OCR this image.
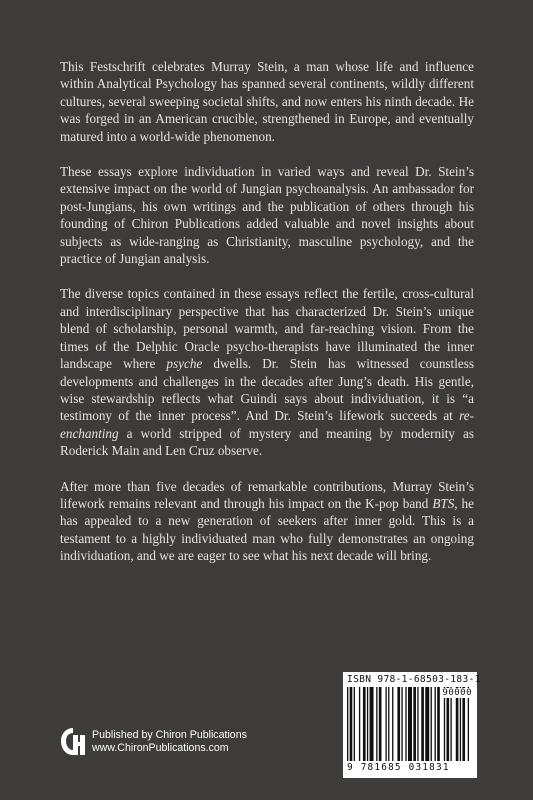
This Festschrift celebrates Murray Stein, a man whose life and influence within Analytical Psychology has spanned several continents, wildly different cultures, several sweeping societal shifts, and now enters his ninth decade. He was forged in an American crucible, strengthened in Europe, and eventually matured into a world-wide phenomenon.

These essays explore individuation in varied ways and reveal Dr. Stein’s extensive impact on the world of Jungian psychoanalysis. An ambassador for post-Jungians, his own writings and the publication of others through his founding of Chiron Publications added valuable and novel insights about subjects as wide-ranging as Christianity, masculine psychology, and the practice of Jungian analysis.

The diverse topics contained in these essays reflect the fertile, cross-cultural and interdisciplinary perspective that has characterized Dr. Stein’s unique blend of scholarship, personal warmth, and far-reaching vision. From the times of the Delphic Oracle psycho-therapists have illuminated the inner landscape where psyche dwells. Dr. Stein has witnessed counstless developments and challenges in the decades after Jung’s death. His gentle, wise stewardship reflects what Guindi says about individuation, it is “a testimony of the inner process”. And Dr. Stein’s lifework succeeds at re-enchanting a world stripped of mystery and meaning by modernity as Roderick Main and Len Cruz observe.

After more than five decades of remarkable contributions, Murray Stein’s lifework remains relevant and through his impact on the K-pop band BTS, he has appealed to a new generation of seekers after inner gold. This is a testament to a highly individuated man who fully demonstrates an ongoing individuation, and we are eager to see what his next decade will bring.

Published by Chiron Publications
www.ChironPublications.com
ISBN 978-1-68503-183-1
90000
9 781685 031831
